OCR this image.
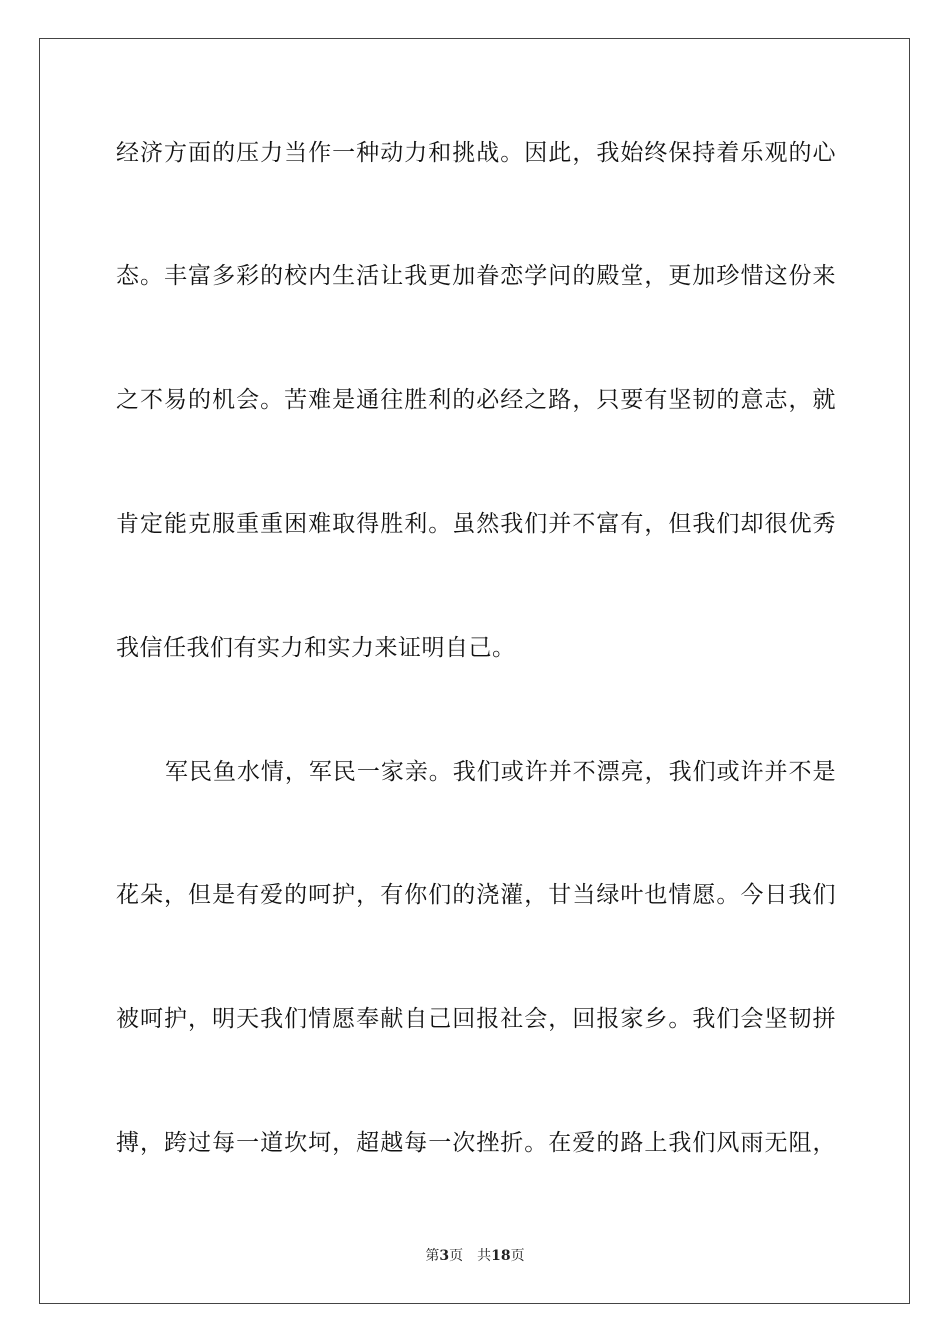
经济方面的压力当作一种动力和挑战。因此，我始终保持着乐观的心
态。丰富多彩的校内生活让我更加眷恋学问的殿堂，更加珍惜这份来
之不易的机会。苦难是通往胜利的必经之路，只要有坚韧的意志，就
肯定能克服重重困难取得胜利。虽然我们并不富有，但我们却很优秀
我信任我们有实力和实力来证明自己。
军民鱼水情，军民一家亲。我们或许并不漂亮，我们或许并不是
花朵，但是有爱的呵护，有你们的浇灌，甘当绿叶也情愿。今日我们
被呵护，明天我们情愿奉献自己回报社会，回报家乡。我们会坚韧拼
搏，跨过每一道坎坷，超越每一次挫折。在爱的路上我们风雨无阻，
第3页 共18页
